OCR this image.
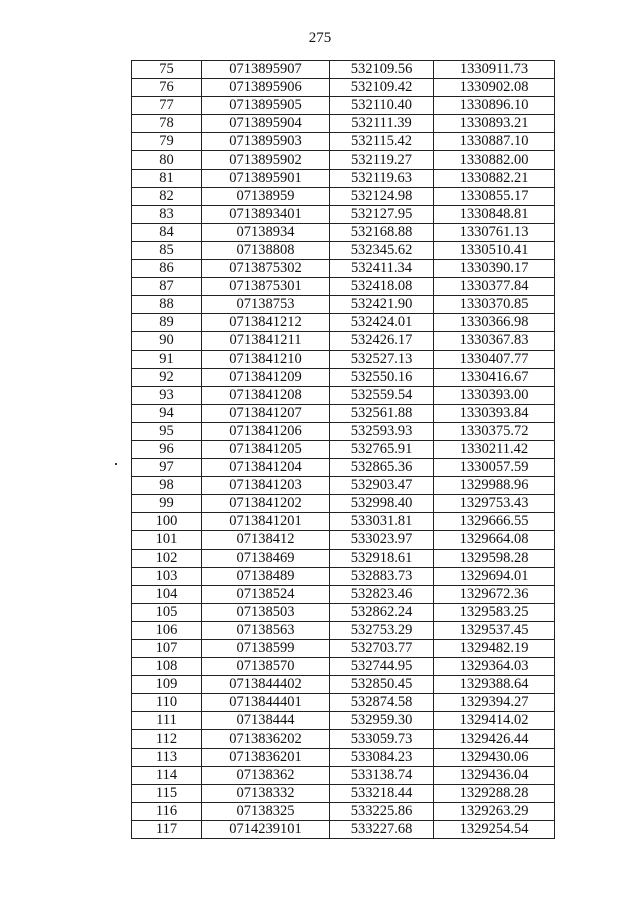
275
75	0713895907	532109.56	1330911.73
76	0713895906	532109.42	1330902.08
77	0713895905	532110.40	1330896.10
78	0713895904	532111.39	1330893.21
79	0713895903	532115.42	1330887.10
80	0713895902	532119.27	1330882.00
81	0713895901	532119.63	1330882.21
82	07138959	532124.98	1330855.17
83	0713893401	532127.95	1330848.81
84	07138934	532168.88	1330761.13
85	07138808	532345.62	1330510.41
86	0713875302	532411.34	1330390.17
87	0713875301	532418.08	1330377.84
88	07138753	532421.90	1330370.85
89	0713841212	532424.01	1330366.98
90	0713841211	532426.17	1330367.83
91	0713841210	532527.13	1330407.77
92	0713841209	532550.16	1330416.67
93	0713841208	532559.54	1330393.00
94	0713841207	532561.88	1330393.84
95	0713841206	532593.93	1330375.72
96	0713841205	532765.91	1330211.42
97	0713841204	532865.36	1330057.59
98	0713841203	532903.47	1329988.96
99	0713841202	532998.40	1329753.43
100	0713841201	533031.81	1329666.55
101	07138412	533023.97	1329664.08
102	07138469	532918.61	1329598.28
103	07138489	532883.73	1329694.01
104	07138524	532823.46	1329672.36
105	07138503	532862.24	1329583.25
106	07138563	532753.29	1329537.45
107	07138599	532703.77	1329482.19
108	07138570	532744.95	1329364.03
109	0713844402	532850.45	1329388.64
110	0713844401	532874.58	1329394.27
111	07138444	532959.30	1329414.02
112	0713836202	533059.73	1329426.44
113	0713836201	533084.23	1329430.06
114	07138362	533138.74	1329436.04
115	07138332	533218.44	1329288.28
116	07138325	533225.86	1329263.29
117	0714239101	533227.68	1329254.54
